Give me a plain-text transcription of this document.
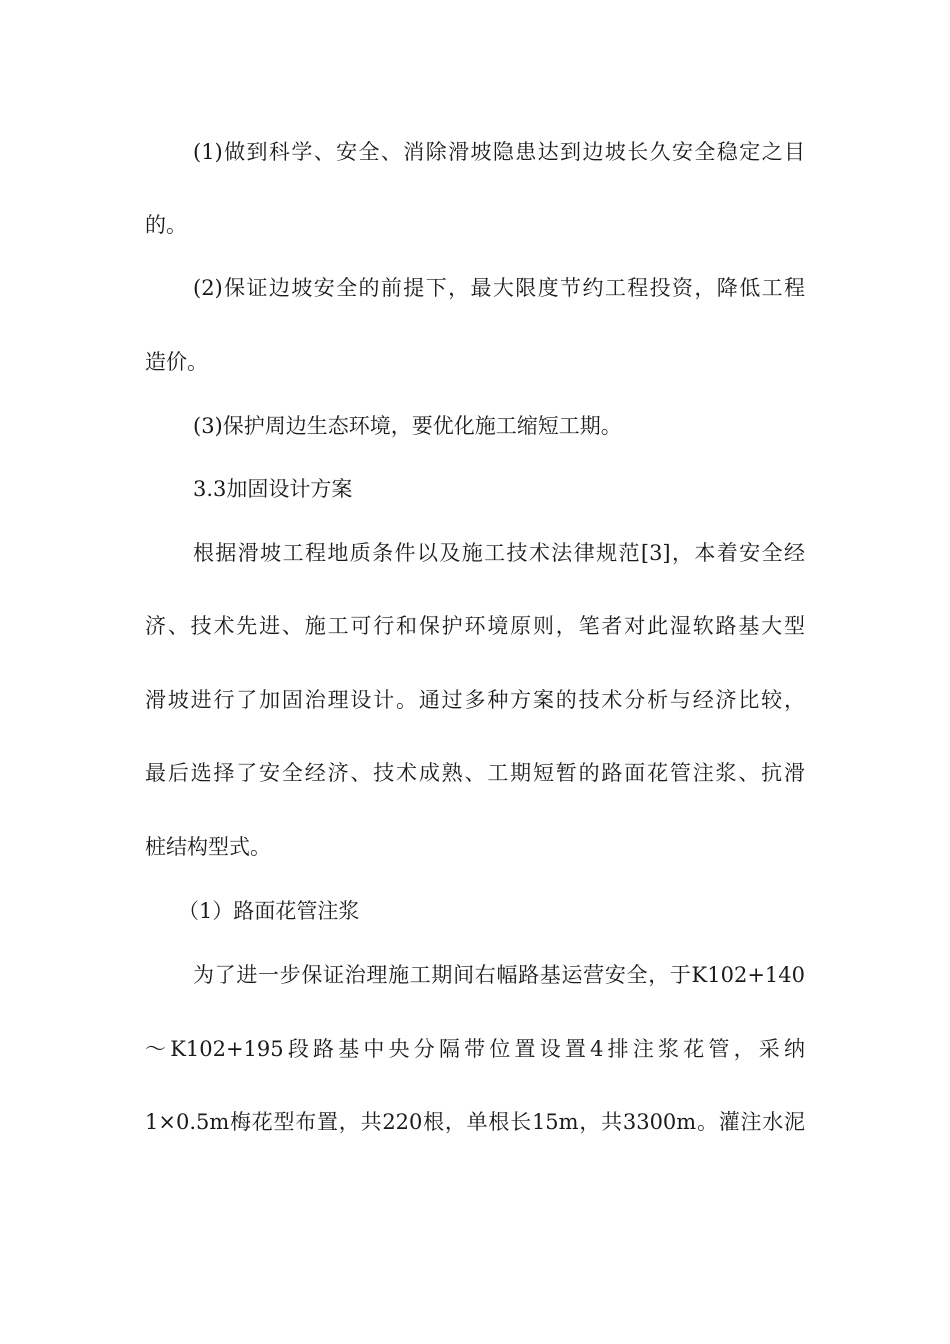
(1)做到科学、安全、消除滑坡隐患达到边坡长久安全稳定之目
的。
(2)保证边坡安全的前提下，最大限度节约工程投资，降低工程
造价。
(3)保护周边生态环境，要优化施工缩短工期。
3.3加固设计方案
根据滑坡工程地质条件以及施工技术法律规范[3]，本着安全经
济、技术先进、施工可行和保护环境原则，笔者对此湿软路基大型
滑坡进行了加固治理设计。通过多种方案的技术分析与经济比较，
最后选择了安全经济、技术成熟、工期短暂的路面花管注浆、抗滑
桩结构型式。
（1）路面花管注浆
为了进一步保证治理施工期间右幅路基运营安全，于K102+140
～K102+195段路基中央分隔带位置设置4排注浆花管，采纳
1×0.5m梅花型布置，共220根，单根长15m，共3300m。灌注水泥
